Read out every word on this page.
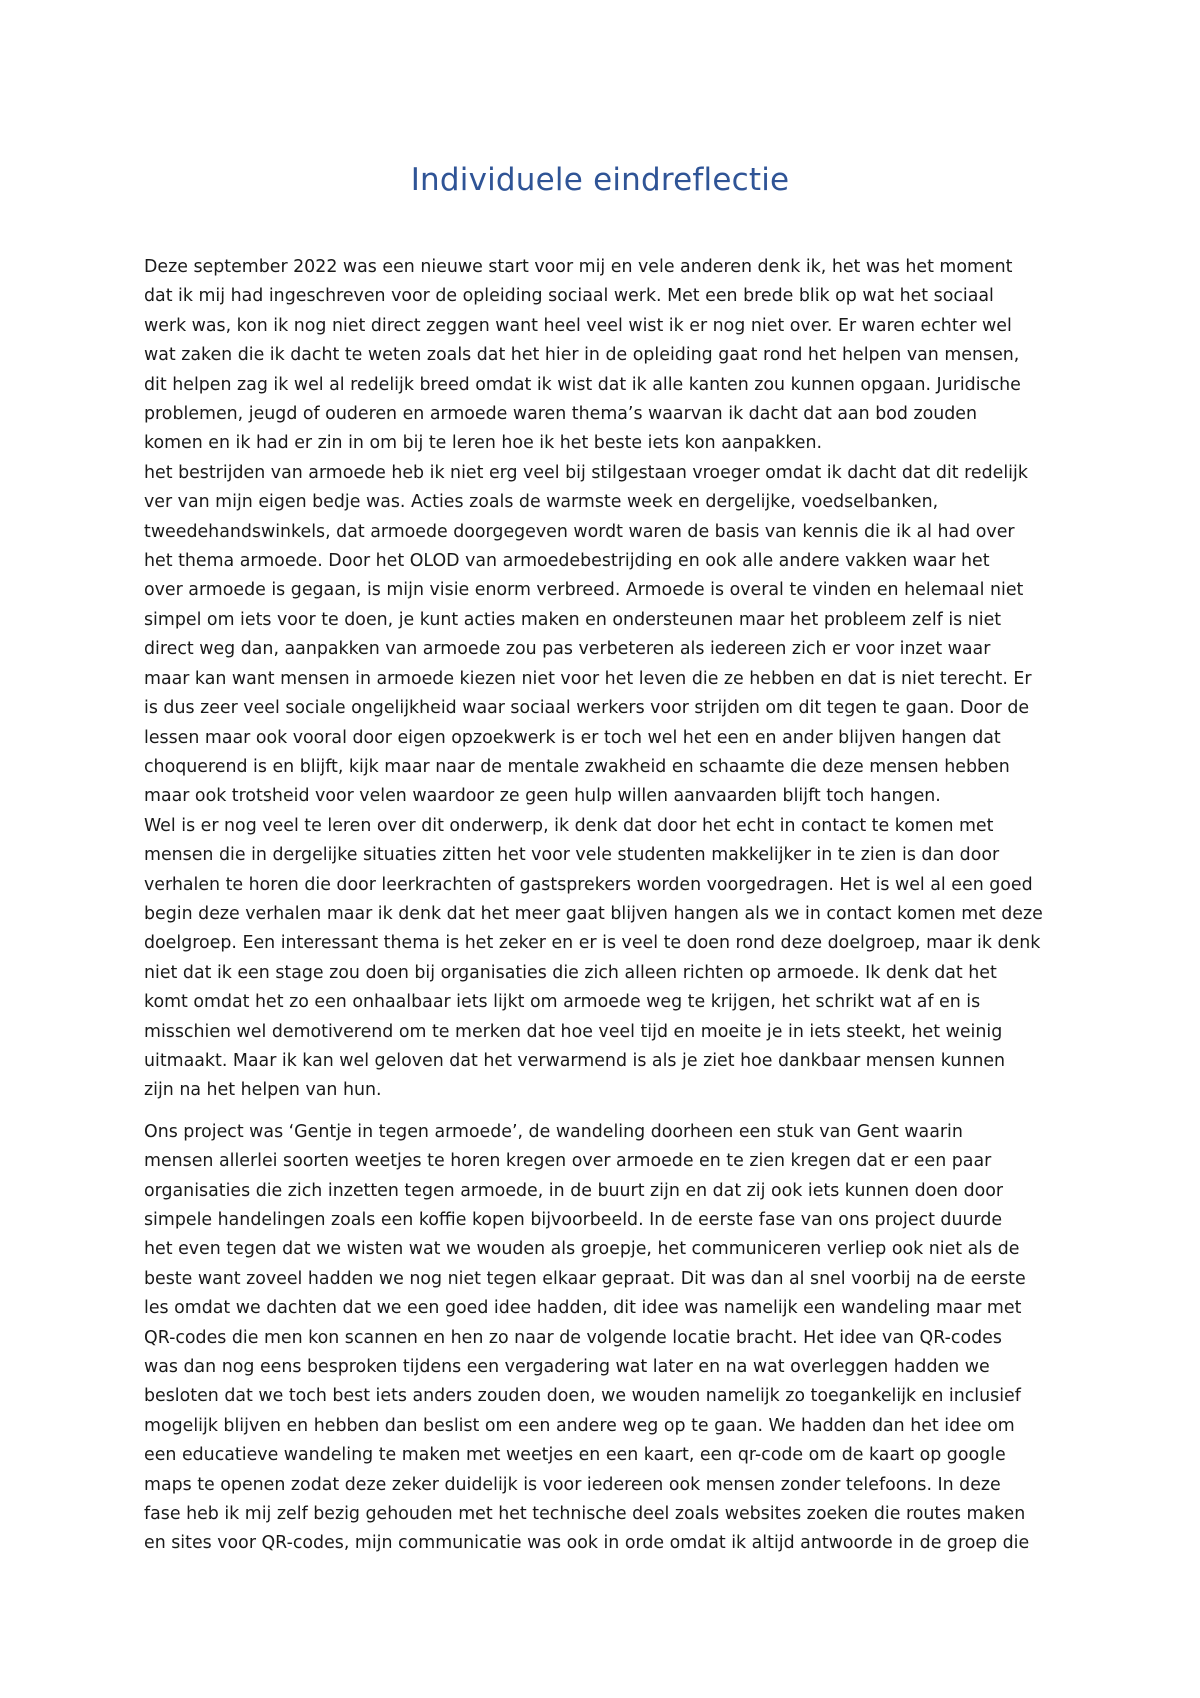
Individuele eindreflectie
Deze september 2022 was een nieuwe start voor mij en vele anderen denk ik, het was het moment
dat ik mij had ingeschreven voor de opleiding sociaal werk. Met een brede blik op wat het sociaal
werk was, kon ik nog niet direct zeggen want heel veel wist ik er nog niet over. Er waren echter wel
wat zaken die ik dacht te weten zoals dat het hier in de opleiding gaat rond het helpen van mensen,
dit helpen zag ik wel al redelijk breed omdat ik wist dat ik alle kanten zou kunnen opgaan. Juridische
problemen, jeugd of ouderen en armoede waren thema’s waarvan ik dacht dat aan bod zouden
komen en ik had er zin in om bij te leren hoe ik het beste iets kon aanpakken.
het bestrijden van armoede heb ik niet erg veel bij stilgestaan vroeger omdat ik dacht dat dit redelijk
ver van mijn eigen bedje was. Acties zoals de warmste week en dergelijke, voedselbanken,
tweedehandswinkels, dat armoede doorgegeven wordt waren de basis van kennis die ik al had over
het thema armoede. Door het OLOD van armoedebestrijding en ook alle andere vakken waar het
over armoede is gegaan, is mijn visie enorm verbreed. Armoede is overal te vinden en helemaal niet
simpel om iets voor te doen, je kunt acties maken en ondersteunen maar het probleem zelf is niet
direct weg dan, aanpakken van armoede zou pas verbeteren als iedereen zich er voor inzet waar
maar kan want mensen in armoede kiezen niet voor het leven die ze hebben en dat is niet terecht. Er
is dus zeer veel sociale ongelijkheid waar sociaal werkers voor strijden om dit tegen te gaan. Door de
lessen maar ook vooral door eigen opzoekwerk is er toch wel het een en ander blijven hangen dat
choquerend is en blijft, kijk maar naar de mentale zwakheid en schaamte die deze mensen hebben
maar ook trotsheid voor velen waardoor ze geen hulp willen aanvaarden blijft toch hangen.
Wel is er nog veel te leren over dit onderwerp, ik denk dat door het echt in contact te komen met
mensen die in dergelijke situaties zitten het voor vele studenten makkelijker in te zien is dan door
verhalen te horen die door leerkrachten of gastsprekers worden voorgedragen. Het is wel al een goed
begin deze verhalen maar ik denk dat het meer gaat blijven hangen als we in contact komen met deze
doelgroep. Een interessant thema is het zeker en er is veel te doen rond deze doelgroep, maar ik denk
niet dat ik een stage zou doen bij organisaties die zich alleen richten op armoede. Ik denk dat het
komt omdat het zo een onhaalbaar iets lijkt om armoede weg te krijgen, het schrikt wat af en is
misschien wel demotiverend om te merken dat hoe veel tijd en moeite je in iets steekt, het weinig
uitmaakt. Maar ik kan wel geloven dat het verwarmend is als je ziet hoe dankbaar mensen kunnen
zijn na het helpen van hun.
Ons project was ‘Gentje in tegen armoede’, de wandeling doorheen een stuk van Gent waarin
mensen allerlei soorten weetjes te horen kregen over armoede en te zien kregen dat er een paar
organisaties die zich inzetten tegen armoede, in de buurt zijn en dat zij ook iets kunnen doen door
simpele handelingen zoals een koffie kopen bijvoorbeeld. In de eerste fase van ons project duurde
het even tegen dat we wisten wat we wouden als groepje, het communiceren verliep ook niet als de
beste want zoveel hadden we nog niet tegen elkaar gepraat. Dit was dan al snel voorbij na de eerste
les omdat we dachten dat we een goed idee hadden, dit idee was namelijk een wandeling maar met
QR-codes die men kon scannen en hen zo naar de volgende locatie bracht. Het idee van QR-codes
was dan nog eens besproken tijdens een vergadering wat later en na wat overleggen hadden we
besloten dat we toch best iets anders zouden doen, we wouden namelijk zo toegankelijk en inclusief
mogelijk blijven en hebben dan beslist om een andere weg op te gaan. We hadden dan het idee om
een educatieve wandeling te maken met weetjes en een kaart, een qr-code om de kaart op google
maps te openen zodat deze zeker duidelijk is voor iedereen ook mensen zonder telefoons. In deze
fase heb ik mij zelf bezig gehouden met het technische deel zoals websites zoeken die routes maken
en sites voor QR-codes, mijn communicatie was ook in orde omdat ik altijd antwoorde in de groep die
